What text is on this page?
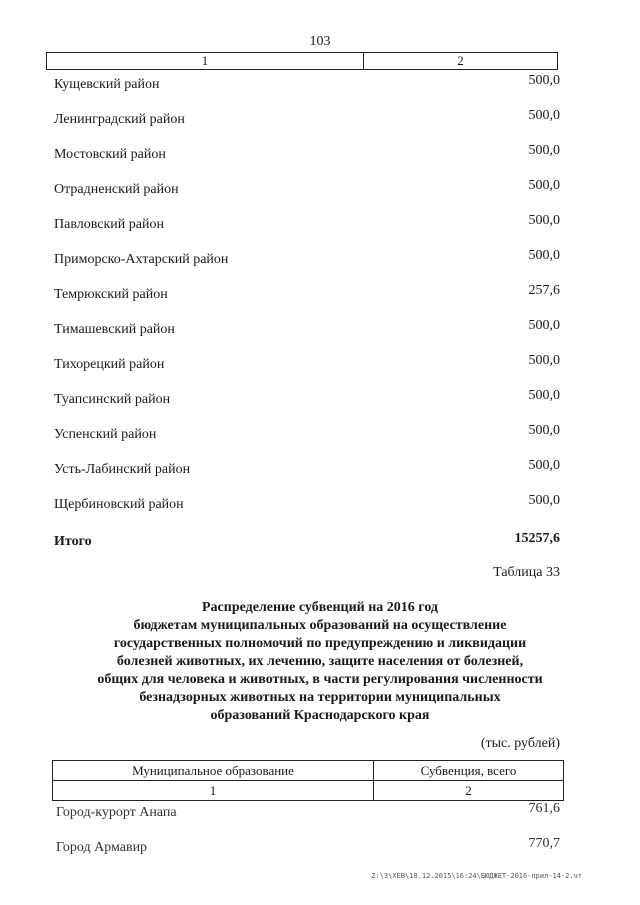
103
1	2
Кущевский район	500,0
Ленинградский район	500,0
Мостовский район	500,0
Отрадненский район	500,0
Павловский район	500,0
Приморско-Ахтарский район	500,0
Темрюкский район	257,6
Тимашевский район	500,0
Тихорецкий район	500,0
Туапсинский район	500,0
Успенский район	500,0
Усть-Лабинский район	500,0
Щербиновский район	500,0
Итого	15257,6
Таблица 33
Распределение субвенций на 2016 год
бюджетам муниципальных образований на осуществление
государственных полномочий по предупреждению и ликвидации
болезней животных, их лечению, защите населения от болезней,
общих для человека и животных, в части регулирования численности
безнадзорных животных на территории муниципальных
образований Краснодарского края
(тыс. рублей)
Муниципальное образование	Субвенция, всего
1	2
Город-курорт Анапа	761,6
Город Армавир	770,7
Z:\3\XEB\18.12.2015\16:24\БЮДЖЕТ-2016-прил-14-2.чт
